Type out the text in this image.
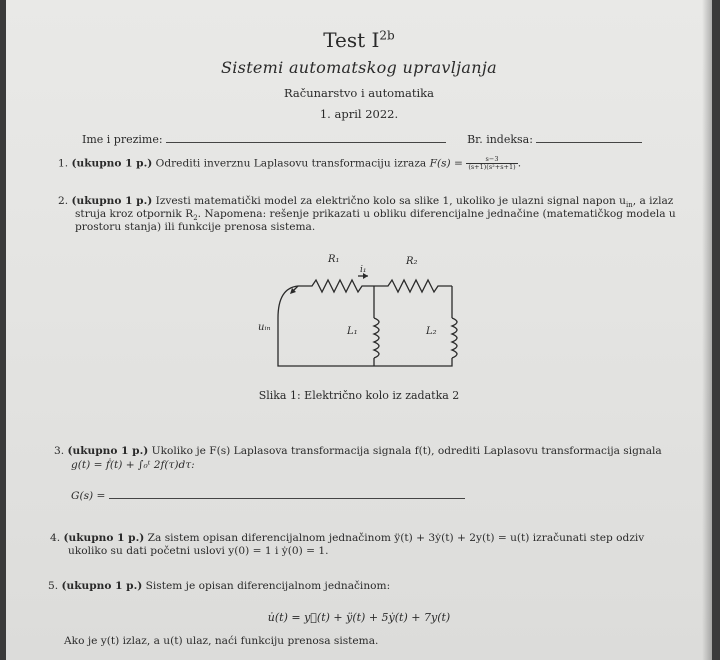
Test $I^{2b}$
Sistemi automatskog upravljanja
Računarstvo i automatika
1. april 2022.
Ime i prezime:	Br. indeksa:
1. (ukupno 1 p.) Odrediti inverznu Laplasovu transformaciju izraza $F(s) = \frac{s-3}{\text{(s+1)(s²+s+1)}}$ .
2. (ukupno 1 p.) Izvesti matematički model za električno kolo sa slike 1, ukoliko je ulazni signal napon $u_{in}$, a izlaz
struja kroz otpornik $R_2$. Napomena: rešenje prikazati u obliku diferencijalne jednačine (matematičkog modela u
prostoru stanja) ili funkcije prenosa sistema.
R₁	R₂
i₁
L₁	L₂
uᵢₙ
Slika 1: Električno kolo iz zadatka 2
3. (ukupno 1 p.) Ukoliko je F(s) Laplasova transformacija signala f(t), odrediti Laplasovu transformacija signala
g(t) = ḟ(t) + ∫₀ᵗ 2f(τ)dτ:
G(s) =
4. (ukupno 1 p.) Za sistem opisan diferencijalnom jednačinom ÿ(t) + 3ẏ(t) + 2y(t) = u(t) izračunati step odziv
ukoliko su dati početni uslovi y(0) = 1 i ẏ(0) = 1.
5. (ukupno 1 p.) Sistem je opisan diferencijalnom jednačinom:
u̇(t) = y⃛(t) + ÿ(t) + 5ẏ(t) + 7y(t)
Ako je y(t) izlaz, a u(t) ulaz, naći funkciju prenosa sistema.
